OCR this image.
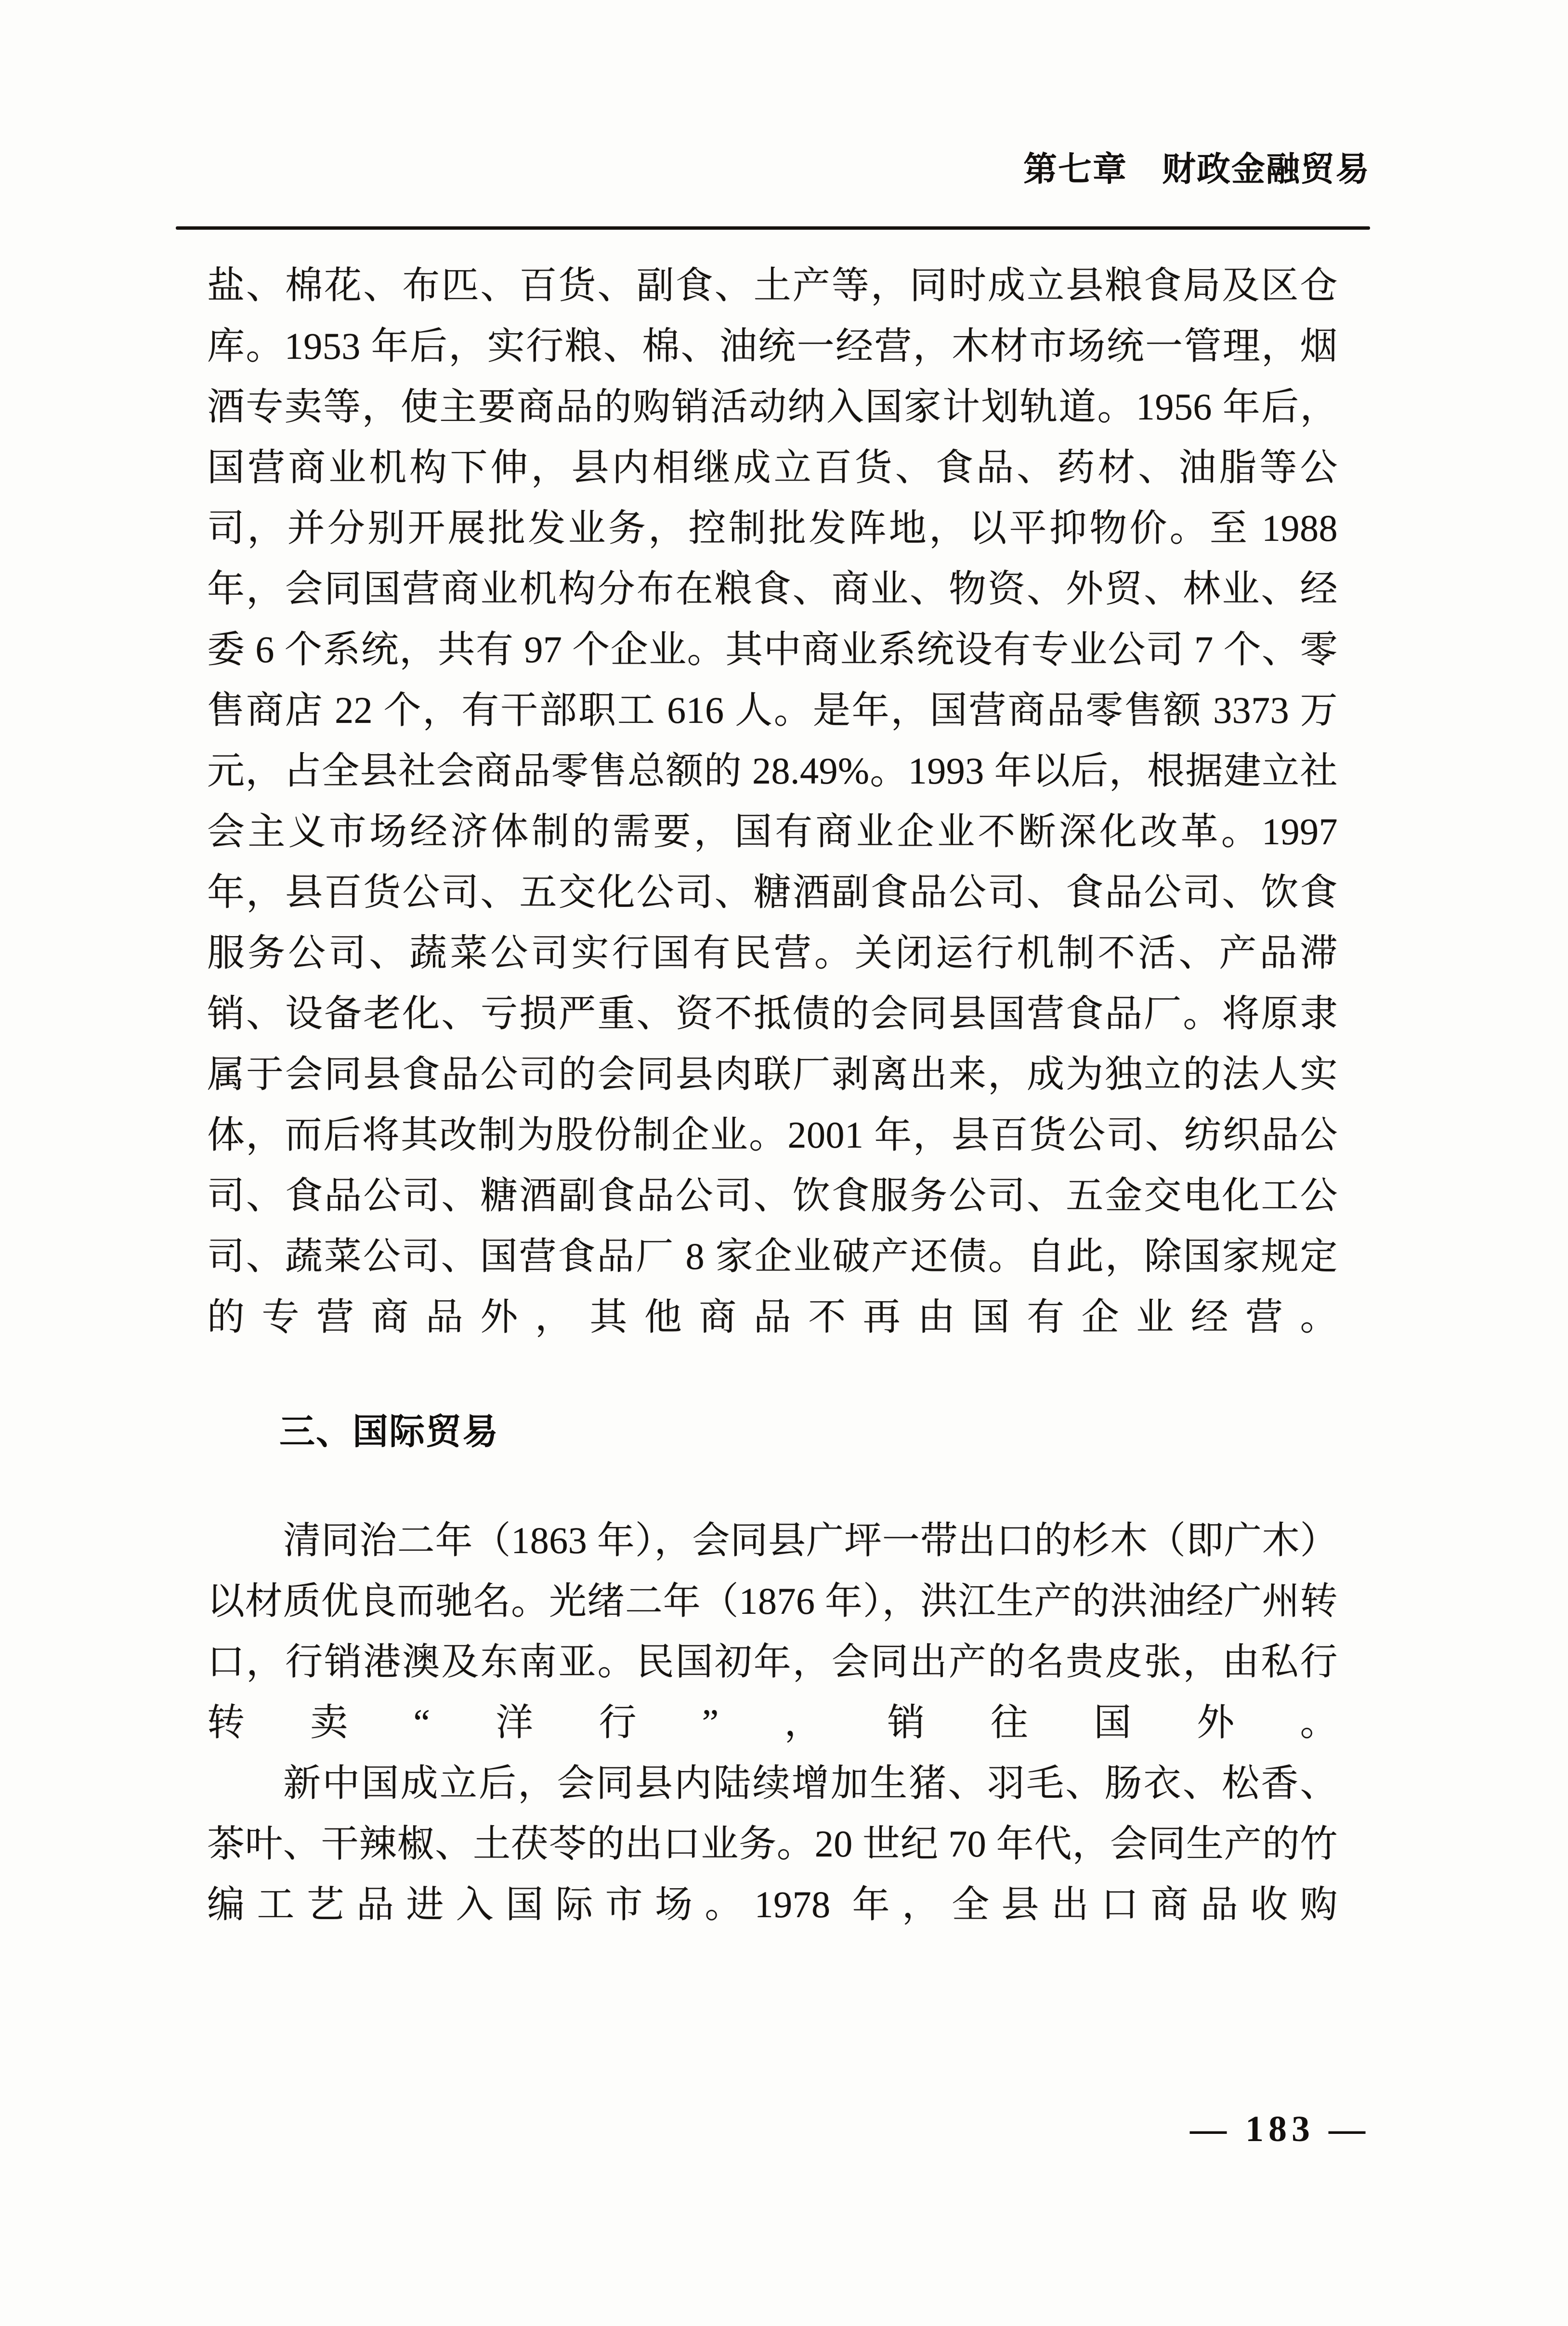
第七章　财政金融贸易

盐、棉花、布匹、百货、副食、土产等，同时成立县粮食局及区仓库。1953 年后，实行粮、棉、油统一经营，木材市场统一管理，烟酒专卖等，使主要商品的购销活动纳入国家计划轨道。1956 年后，国营商业机构下伸，县内相继成立百货、食品、药材、油脂等公司，并分别开展批发业务，控制批发阵地，以平抑物价。至 1988 年，会同国营商业机构分布在粮食、商业、物资、外贸、林业、经委 6 个系统，共有 97 个企业。其中商业系统设有专业公司 7 个、零售商店 22 个，有干部职工 616 人。是年，国营商品零售额 3373 万元，占全县社会商品零售总额的 28.49%。1993 年以后，根据建立社会主义市场经济体制的需要，国有商业企业不断深化改革。1997 年，县百货公司、五交化公司、糖酒副食品公司、食品公司、饮食服务公司、蔬菜公司实行国有民营。关闭运行机制不活、产品滞销、设备老化、亏损严重、资不抵债的会同县国营食品厂。将原隶属于会同县食品公司的会同县肉联厂剥离出来，成为独立的法人实体，而后将其改制为股份制企业。2001 年，县百货公司、纺织品公司、食品公司、糖酒副食品公司、饮食服务公司、五金交电化工公司、蔬菜公司、国营食品厂 8 家企业破产还债。自此，除国家规定的专营商品外，其他商品不再由国有企业经营。

三、国际贸易

清同治二年（1863 年），会同县广坪一带出口的杉木（即广木）以材质优良而驰名。光绪二年（1876 年），洪江生产的洪油经广州转口，行销港澳及东南亚。民国初年，会同出产的名贵皮张，由私行转卖“洋行”，销往国外。

新中国成立后，会同县内陆续增加生猪、羽毛、肠衣、松香、茶叶、干辣椒、土茯苓的出口业务。20 世纪 70 年代，会同生产的竹编工艺品进入国际市场。1978 年，全县出口商品收购

— 183 —
